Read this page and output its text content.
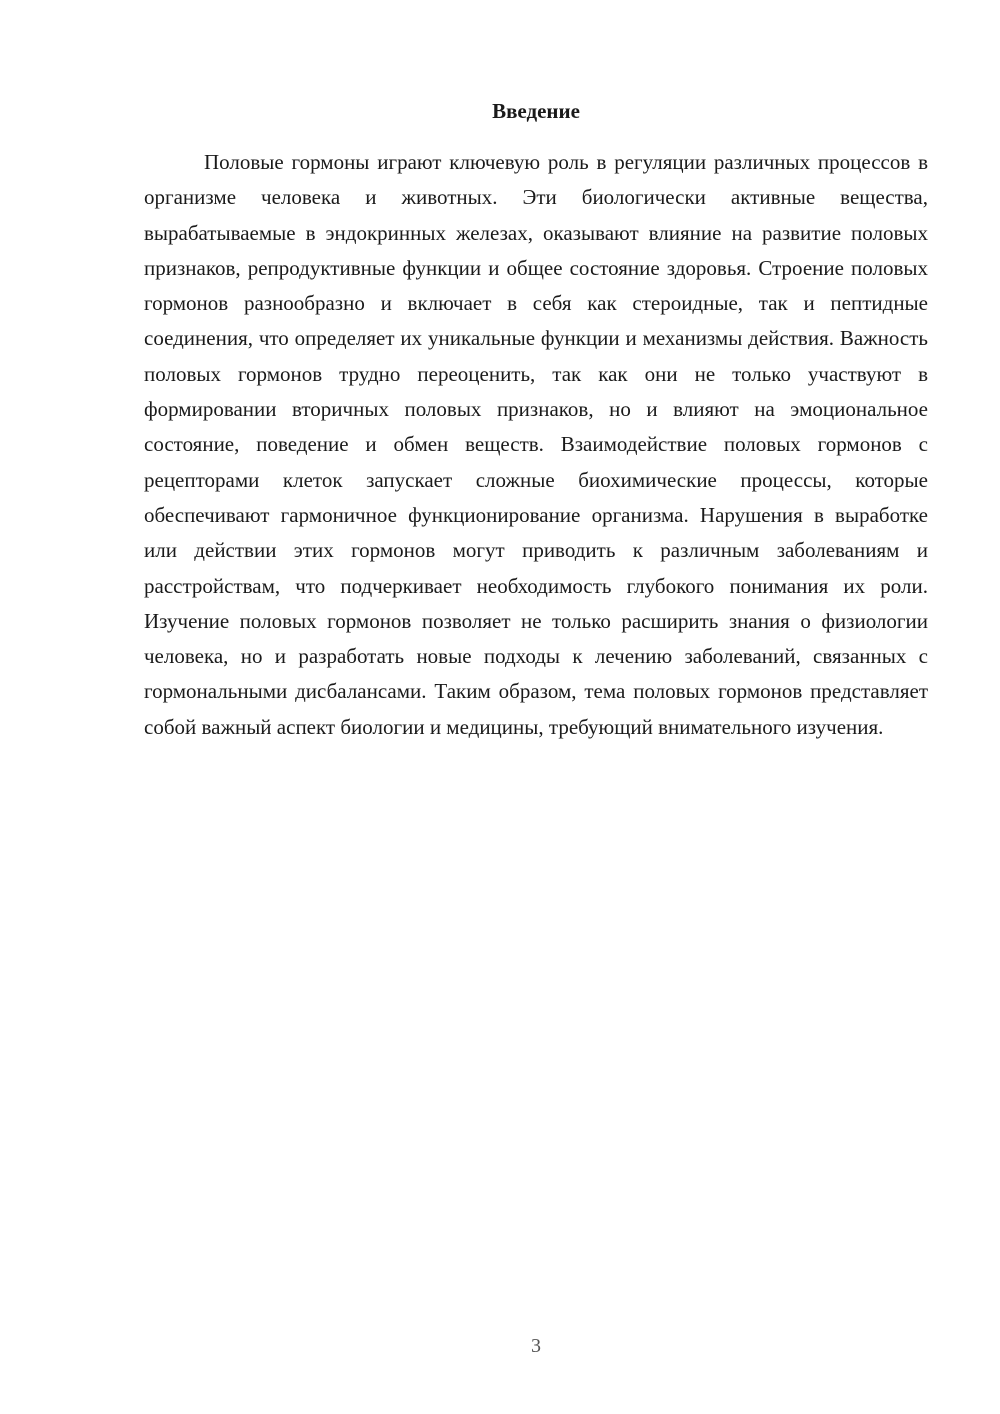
Введение

Половые гормоны играют ключевую роль в регуляции различных процессов в организме человека и животных. Эти биологически активные вещества, вырабатываемые в эндокринных железах, оказывают влияние на развитие половых признаков, репродуктивные функции и общее состояние здоровья. Строение половых гормонов разнообразно и включает в себя как стероидные, так и пептидные соединения, что определяет их уникальные функции и механизмы действия. Важность половых гормонов трудно переоценить, так как они не только участвуют в формировании вторичных половых признаков, но и влияют на эмоциональное состояние, поведение и обмен веществ. Взаимодействие половых гормонов с рецепторами клеток запускает сложные биохимические процессы, которые обеспечивают гармоничное функционирование организма. Нарушения в выработке или действии этих гормонов могут приводить к различным заболеваниям и расстройствам, что подчеркивает необходимость глубокого понимания их роли. Изучение половых гормонов позволяет не только расширить знания о физиологии человека, но и разработать новые подходы к лечению заболеваний, связанных с гормональными дисбалансами. Таким образом, тема половых гормонов представляет собой важный аспект биологии и медицины, требующий внимательного изучения.

3
